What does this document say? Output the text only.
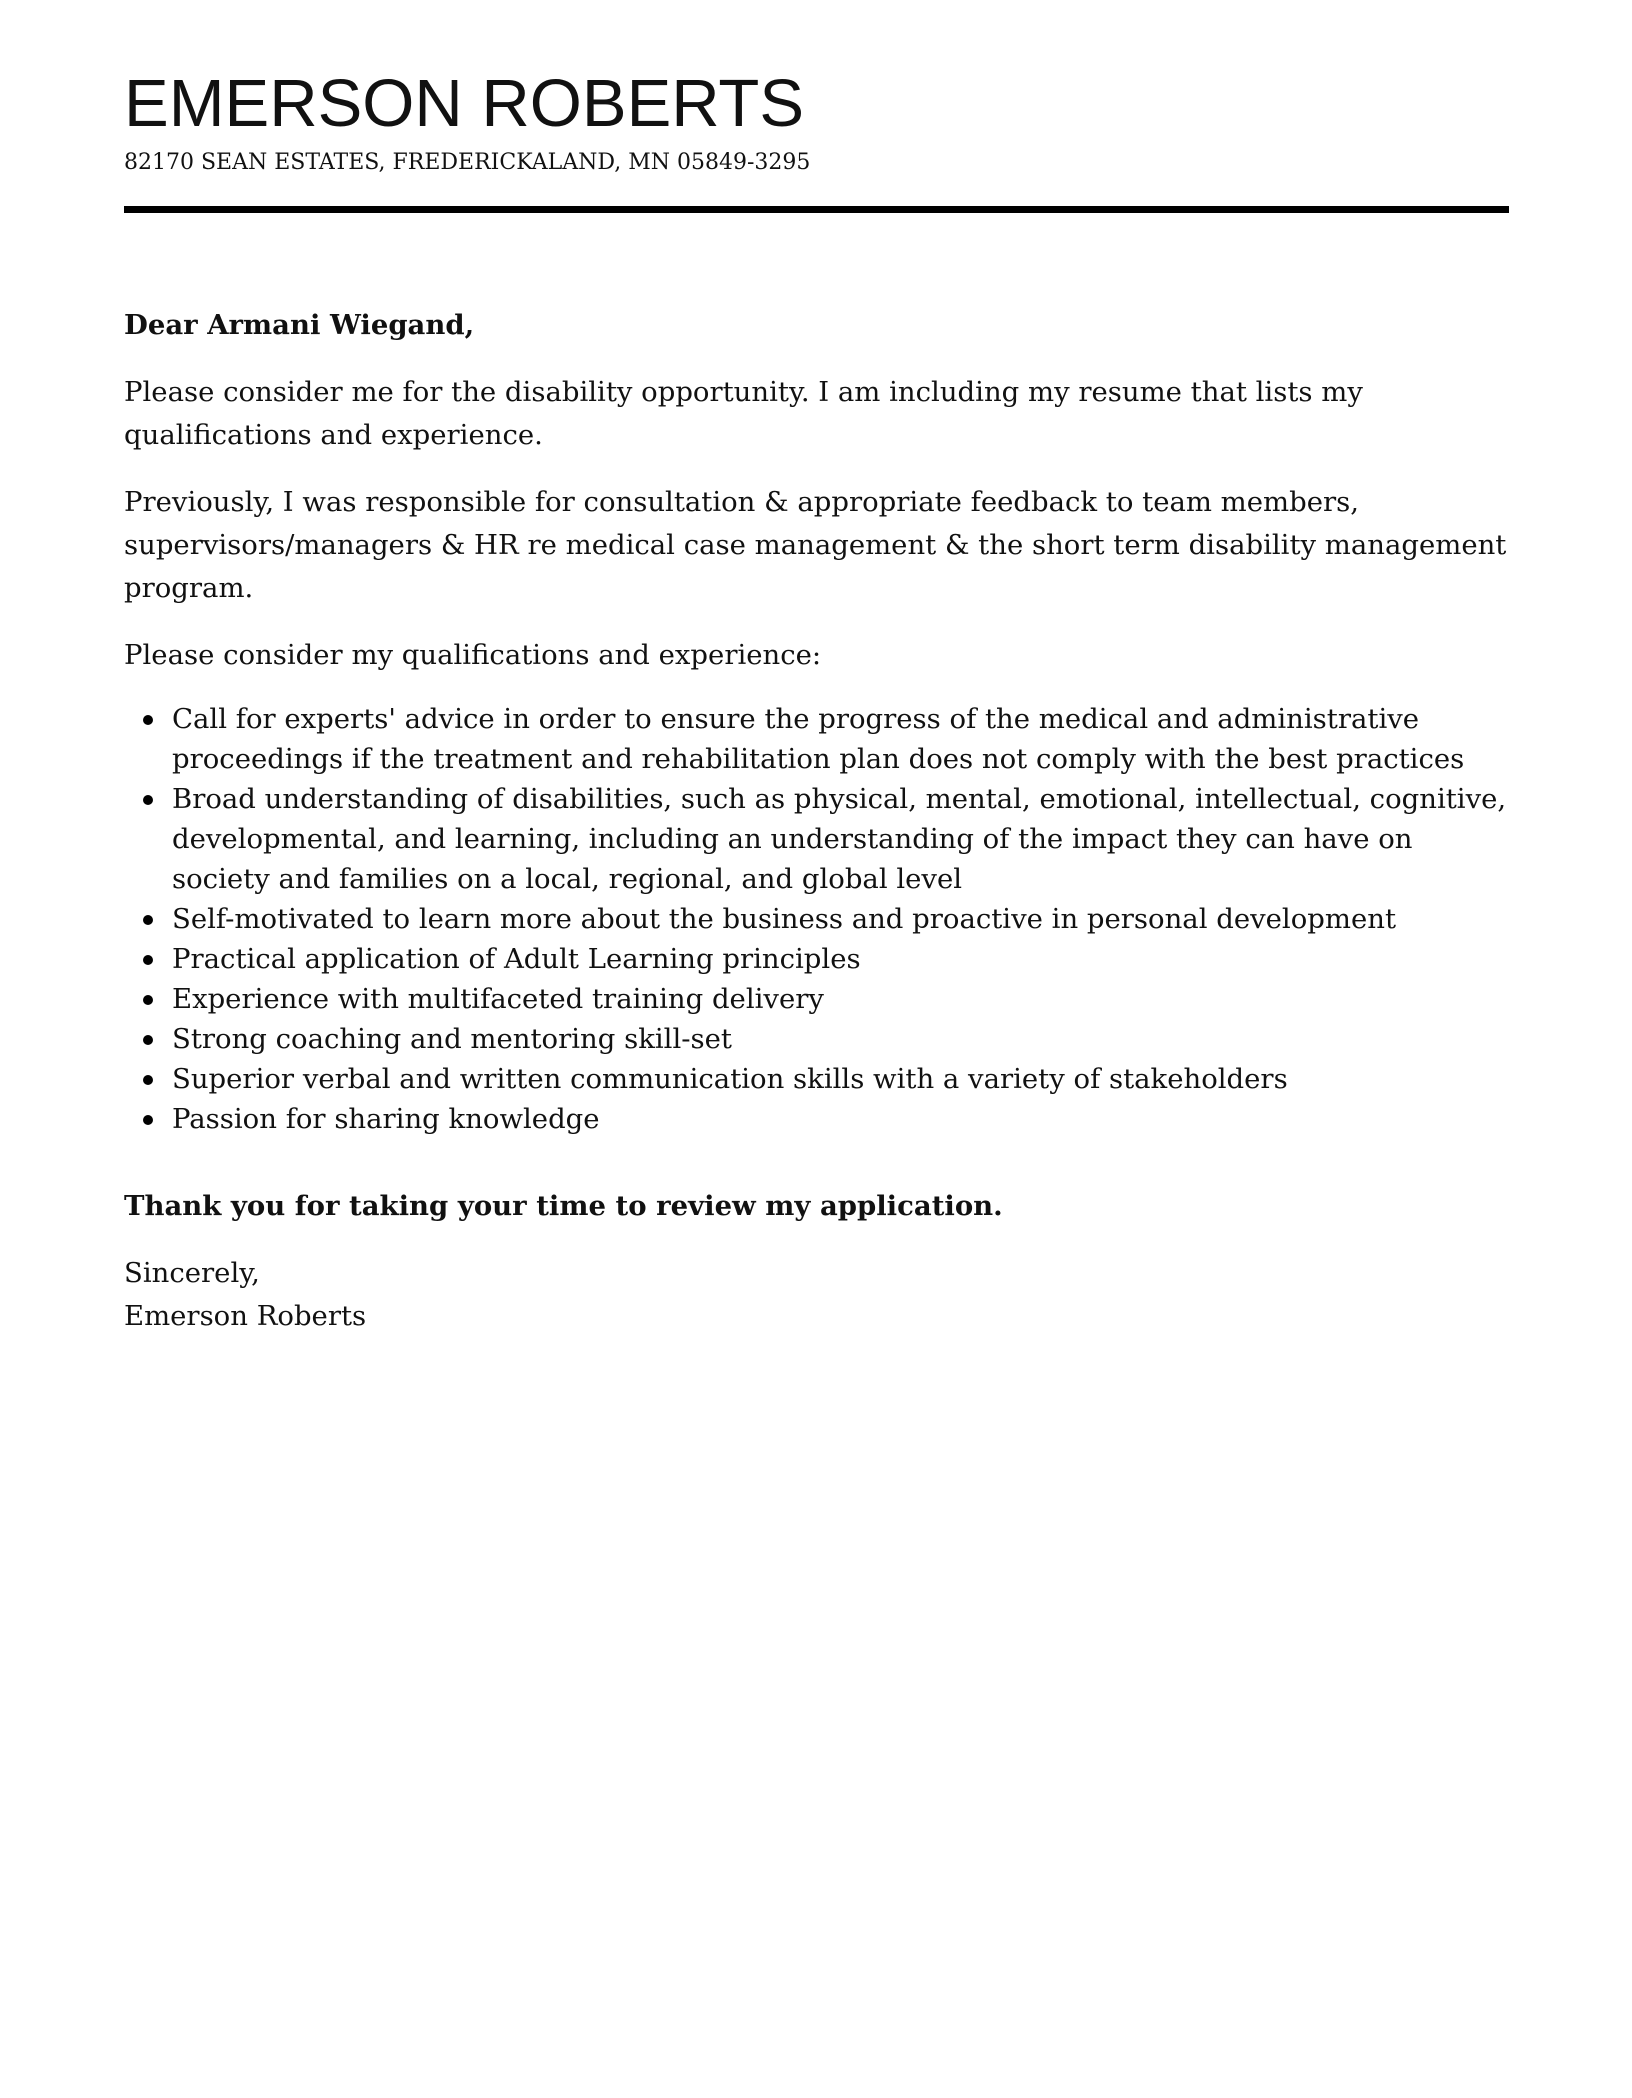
EMERSON ROBERTS
82170 SEAN ESTATES, FREDERICKALAND, MN 05849-3295
Dear Armani Wiegand,
Please consider me for the disability opportunity. I am including my resume that lists my qualifications and experience.
Previously, I was responsible for consultation & appropriate feedback to team members, supervisors/managers & HR re medical case management & the short term disability management program.
Please consider my qualifications and experience:
Call for experts' advice in order to ensure the progress of the medical and administrative proceedings if the treatment and rehabilitation plan does not comply with the best practices
Broad understanding of disabilities, such as physical, mental, emotional, intellectual, cognitive, developmental, and learning, including an understanding of the impact they can have on society and families on a local, regional, and global level
Self-motivated to learn more about the business and proactive in personal development
Practical application of Adult Learning principles
Experience with multifaceted training delivery
Strong coaching and mentoring skill-set
Superior verbal and written communication skills with a variety of stakeholders
Passion for sharing knowledge
Thank you for taking your time to review my application.
Sincerely,
Emerson Roberts
